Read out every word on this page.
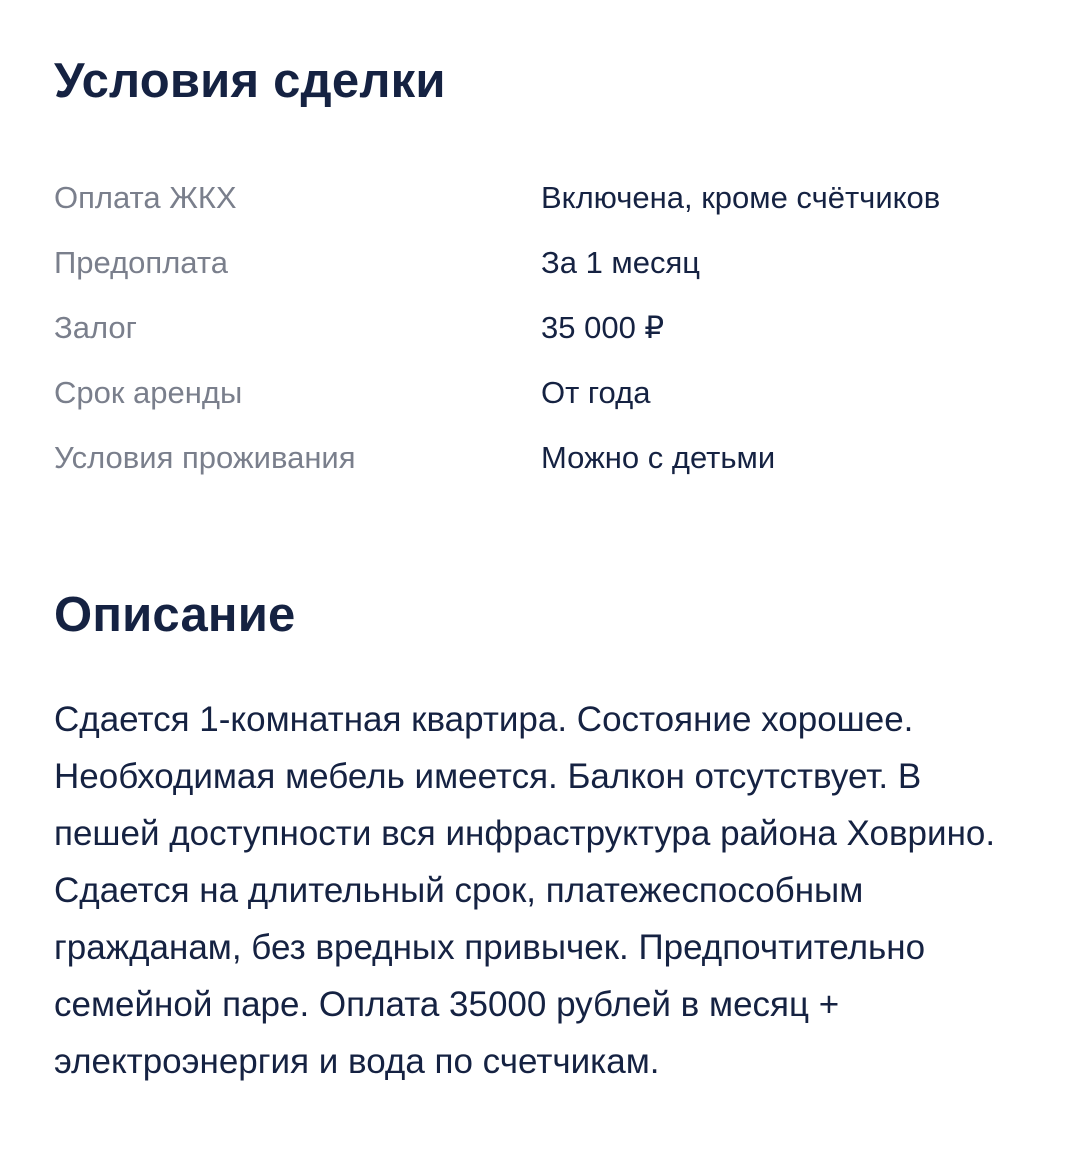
Условия сделки
Оплата ЖКХ	Включена, кроме счётчиков
Предоплата	За 1 месяц
Залог	35 000 ₽
Срок аренды	От года
Условия проживания	Можно с детьми
Описание

Сдается 1-комнатная квартира. Состояние хорошее. Необходимая мебель имеется. Балкон отсутствует. В пешей доступности вся инфраструктура района Ховрино. Сдается на длительный срок, платежеспособным гражданам, без вредных привычек. Предпочтительно семейной паре. Оплата 35000 рублей в месяц + электроэнергия и вода по счетчикам.
